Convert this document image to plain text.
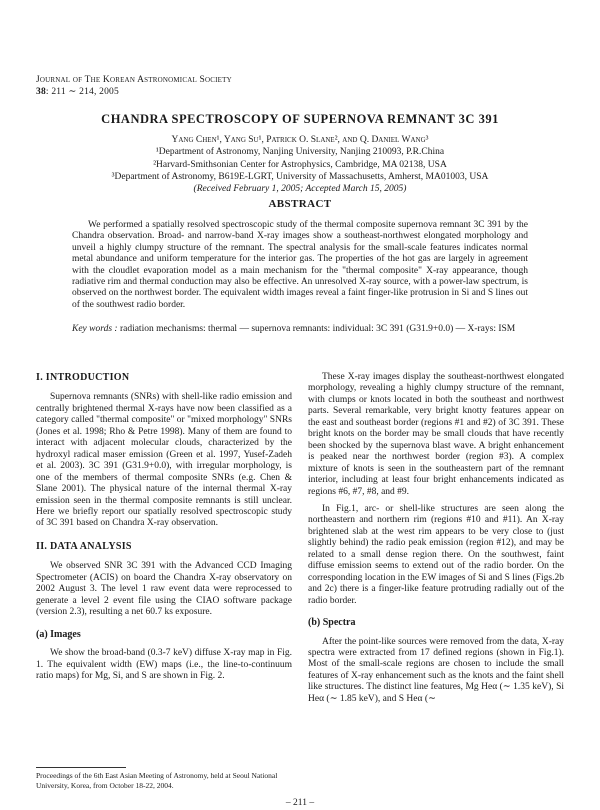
Journal of The Korean Astronomical Society
38: 211 ∼ 214, 2005
CHANDRA SPECTROSCOPY OF SUPERNOVA REMNANT 3C 391
Yang Chen¹, Yang Su¹, Patrick O. Slane², and Q. Daniel Wang³
¹Department of Astronomy, Nanjing University, Nanjing 210093, P.R.China
²Harvard-Smithsonian Center for Astrophysics, Cambridge, MA 02138, USA
³Department of Astronomy, B619E-LGRT, University of Massachusetts, Amherst, MA01003, USA
(Received February 1, 2005; Accepted March 15, 2005)
ABSTRACT

We performed a spatially resolved spectroscopic study of the thermal composite supernova remnant 3C 391 by the Chandra observation. Broad- and narrow-band X-ray images show a southeast-northwest elongated morphology and unveil a highly clumpy structure of the remnant. The spectral analysis for the small-scale features indicates normal metal abundance and uniform temperature for the interior gas. The properties of the hot gas are largely in agreement with the cloudlet evaporation model as a main mechanism for the "thermal composite" X-ray appearance, though radiative rim and thermal conduction may also be effective. An unresolved X-ray source, with a power-law spectrum, is observed on the northwest border. The equivalent width images reveal a faint finger-like protrusion in Si and S lines out of the southwest radio border.

Key words : radiation mechanisms: thermal — supernova remnants: individual: 3C 391 (G31.9+0.0) — X-rays: ISM

I. INTRODUCTION

Supernova remnants (SNRs) with shell-like radio emission and centrally brightened thermal X-rays have now been classified as a category called "thermal composite" or "mixed morphology" SNRs (Jones et al. 1998; Rho & Petre 1998). Many of them are found to interact with adjacent molecular clouds, characterized by the hydroxyl radical maser emission (Green et al. 1997, Yusef-Zadeh et al. 2003). 3C 391 (G31.9+0.0), with irregular morphology, is one of the members of thermal composite SNRs (e.g. Chen & Slane 2001). The physical nature of the internal thermal X-ray emission seen in the thermal composite remnants is still unclear. Here we briefly report our spatially resolved spectroscopic study of 3C 391 based on Chandra X-ray observation.

II. DATA ANALYSIS

We observed SNR 3C 391 with the Advanced CCD Imaging Spectrometer (ACIS) on board the Chandra X-ray observatory on 2002 August 3. The level 1 raw event data were reprocessed to generate a level 2 event file using the CIAO software package (version 2.3), resulting a net 60.7 ks exposure.

(a) Images

We show the broad-band (0.3-7 keV) diffuse X-ray map in Fig. 1. The equivalent width (EW) maps (i.e., the line-to-continuum ratio maps) for Mg, Si, and S are shown in Fig. 2.

These X-ray images display the southeast-northwest elongated morphology, revealing a highly clumpy structure of the remnant, with clumps or knots located in both the southeast and northwest parts. Several remarkable, very bright knotty features appear on the east and southeast border (regions #1 and #2) of 3C 391. These bright knots on the border may be small clouds that have recently been shocked by the supernova blast wave. A bright enhancement is peaked near the northwest border (region #3). A complex mixture of knots is seen in the southeastern part of the remnant interior, including at least four bright enhancements indicated as regions #6, #7, #8, and #9.

In Fig.1, arc- or shell-like structures are seen along the northeastern and northern rim (regions #10 and #11). An X-ray brightened slab at the west rim appears to be very close to (just slightly behind) the radio peak emission (region #12), and may be related to a small dense region there. On the southwest, faint diffuse emission seems to extend out of the radio border. On the corresponding location in the EW images of Si and S lines (Figs.2b and 2c) there is a finger-like feature protruding radially out of the radio border.

(b) Spectra

After the point-like sources were removed from the data, X-ray spectra were extracted from 17 defined regions (shown in Fig.1). Most of the small-scale regions are chosen to include the small features of X-ray enhancement such as the knots and the faint shell like structures. The distinct line features, Mg Heα (∼ 1.35 keV), Si Heα (∼ 1.85 keV), and S Heα (∼

Proceedings of the 6th East Asian Meeting of Astronomy, held at Seoul National University, Korea, from October 18-22, 2004.
– 211 –
